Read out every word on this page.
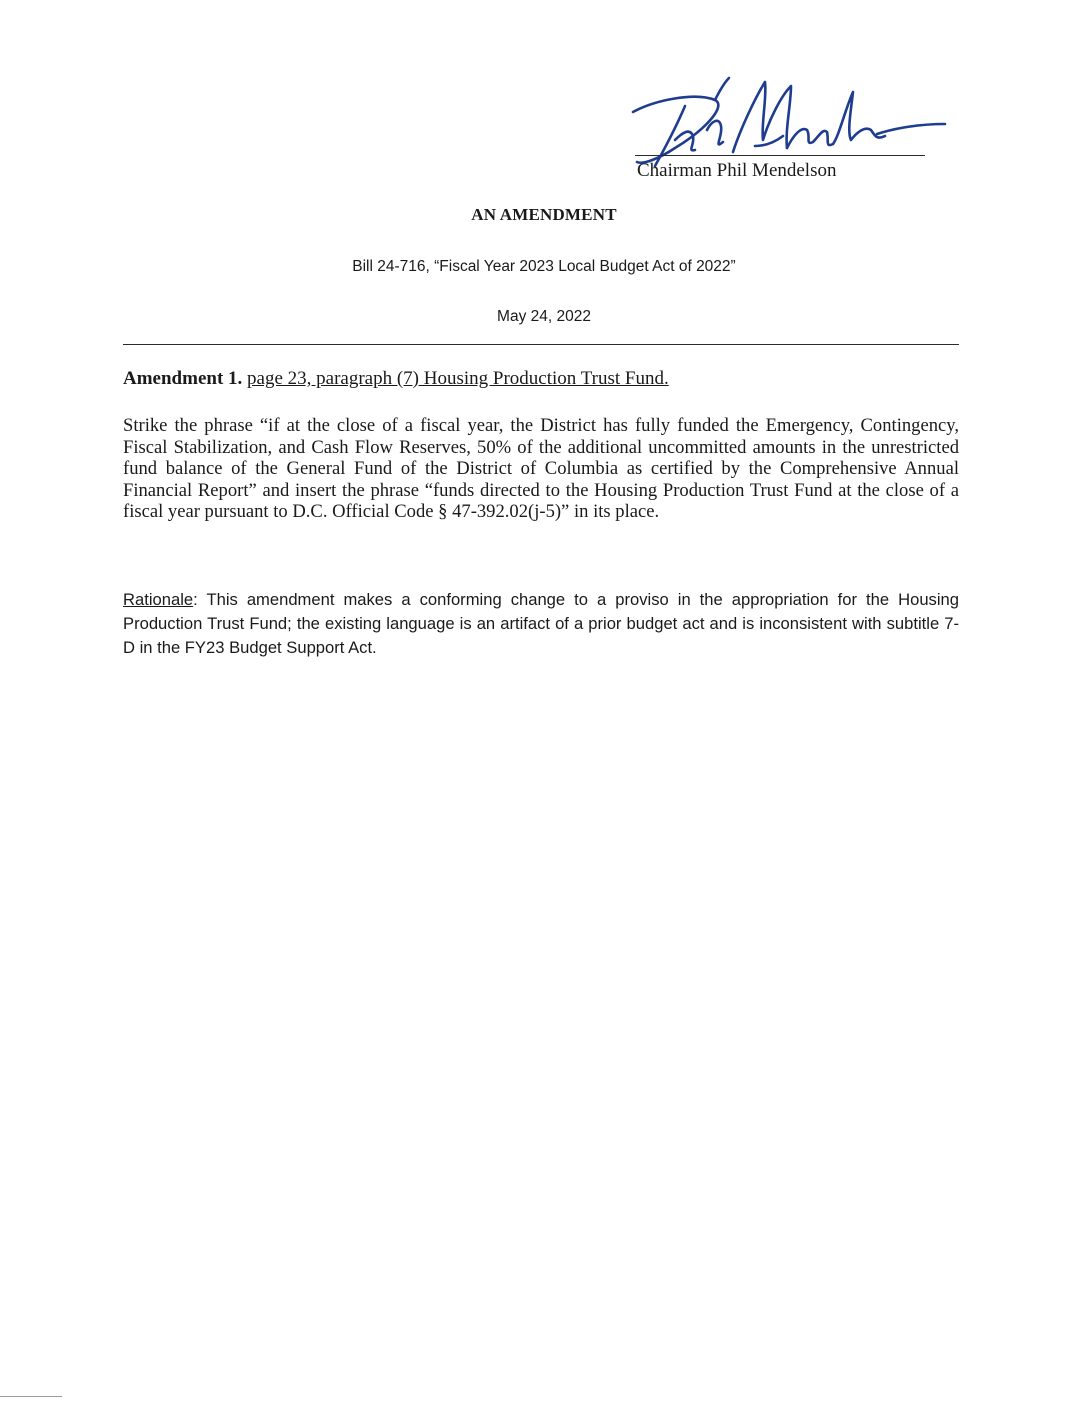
Chairman Phil Mendelson
AN AMENDMENT
Bill 24-716, “Fiscal Year 2023 Local Budget Act of 2022”
May 24, 2022
Amendment 1. page 23, paragraph (7) Housing Production Trust Fund.

Strike the phrase “if at the close of a fiscal year, the District has fully funded the Emergency, Contingency, Fiscal Stabilization, and Cash Flow Reserves, 50% of the additional uncommitted amounts in the unrestricted fund balance of the General Fund of the District of Columbia as certified by the Comprehensive Annual Financial Report” and insert the phrase “funds directed to the Housing Production Trust Fund at the close of a fiscal year pursuant to D.C. Official Code § 47-392.02(j-5)” in its place.

Rationale: This amendment makes a conforming change to a proviso in the appropriation for the Housing Production Trust Fund; the existing language is an artifact of a prior budget act and is inconsistent with subtitle 7-D in the FY23 Budget Support Act.
